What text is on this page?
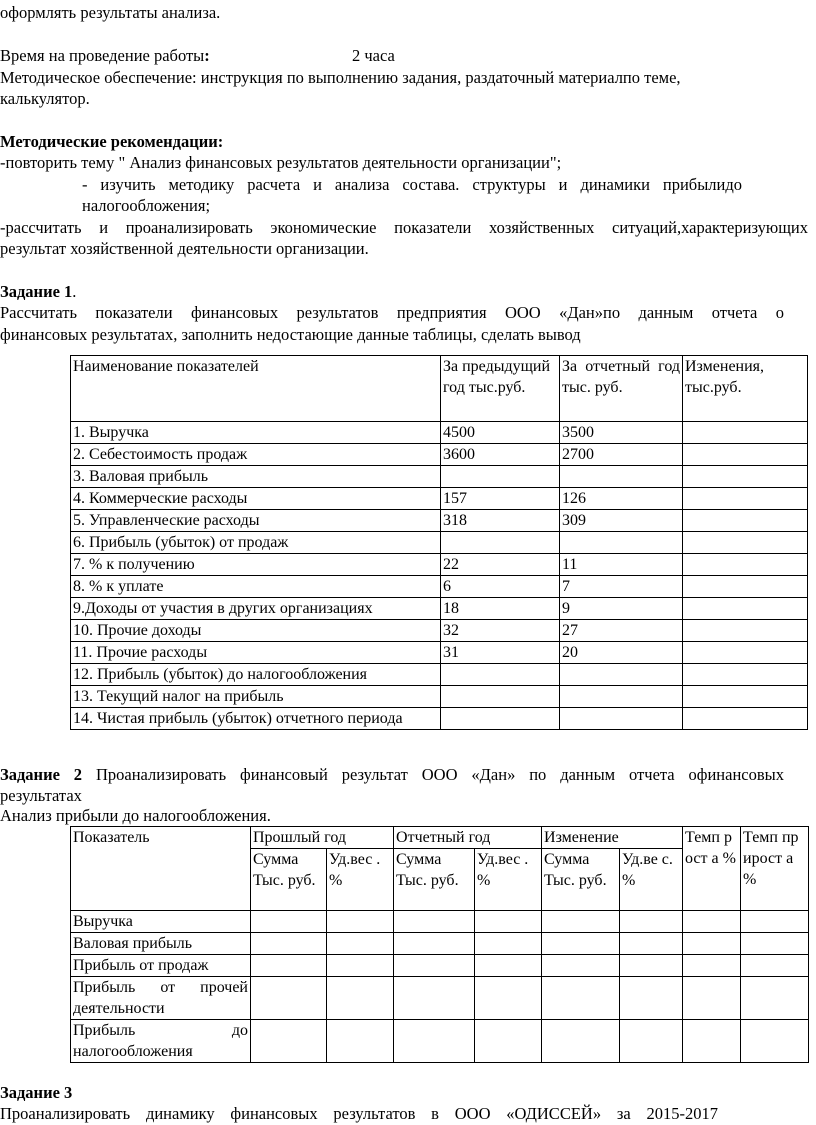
оформлять результаты анализа.
Время на проведение работы:	2 часа
Методическое обеспечение: инструкция по выполнению задания, раздаточный материалпо теме,
калькулятор.
Методические рекомендации:
-повторить тему " Анализ финансовых результатов деятельности организации";
- изучить методику расчета и анализа состава. структуры и динамики прибылидо
налогообложения;
-рассчитать и проанализировать экономические показатели хозяйственных ситуаций,характеризующих
результат хозяйственной деятельности организации.
Задание 1.
Рассчитать показатели финансовых результатов предприятия ООО «Дан»по данным отчета о
финансовых результатах, заполнить недостающие данные таблицы, сделать вывод
Наименование показателей	За предыдущий год тыс.руб.	За отчетный год тыс. руб.	Изменения, тыс.руб.
1. Выручка	4500	3500	
2. Себестоимость продаж	3600	2700	
3. Валовая прибыль			
4. Коммерческие расходы	157	126	
5. Управленческие расходы	318	309	
6. Прибыль (убыток) от продаж			
7. % к получению	22	11	
8. % к уплате	6	7	
9.Доходы от участия в других организациях	18	9	
10. Прочие доходы	32	27	
11. Прочие расходы	31	20	
12. Прибыль (убыток) до налогообложения			
13. Текущий налог на прибыль			
14. Чистая прибыль (убыток) отчетного периода			
Задание 2 Проанализировать финансовый результат ООО «Дан» по данным отчета офинансовых
результатах
Анализ прибыли до налогообложения.
Показатель	Прошлый год		Отчетный год		Изменение		Темп рост а %	Темп прирост а %
	Сумма Тыс. руб.	Уд.вес . %	Сумма Тыс. руб.	Уд.вес . %	Сумма Тыс. руб.	Уд.ве с. %		
Выручка								
Валовая прибыль								
Прибыль от продаж								
Прибыль от прочей деятельности								
Прибыль до налогообложения								
Задание 3
Проанализировать динамику финансовых результатов в ООО «ОДИССЕЙ» за 2015-2017
